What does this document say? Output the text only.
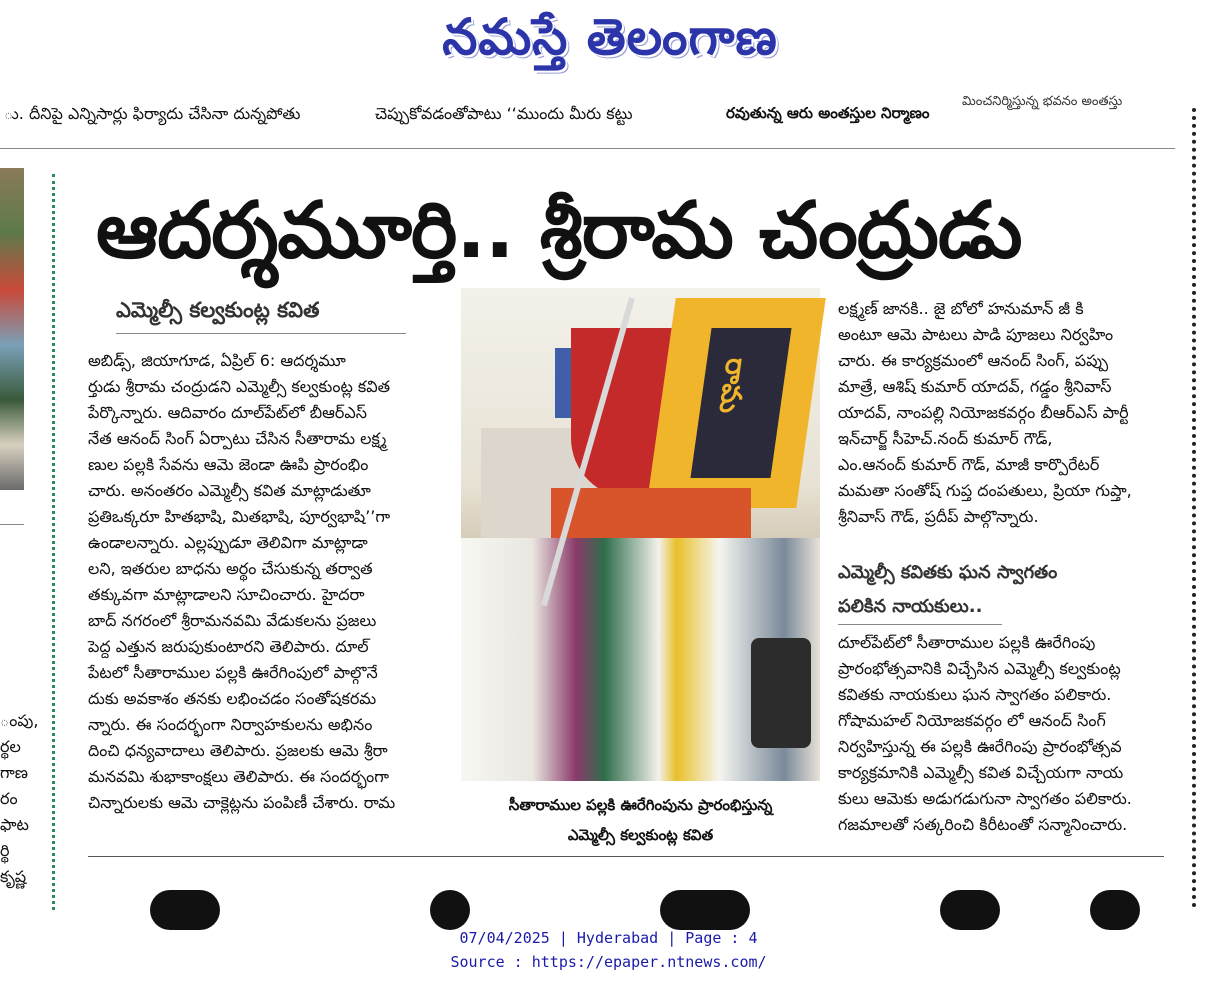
నమస్తే తెలంగాణ
ు. దీనిపై ఎన్నిసార్లు ఫిర్యాదు చేసినా దున్నపోతు	చెప్పుకోవడంతోపాటు ‘‘ముందు మీరు కట్టు	రవుతున్న ఆరు అంతస్తుల నిర్మాణం
మించనిర్మిస్తున్న భవనం అంతస్తు
ంపు,
ర్థల
గాణ
రం
ఫాట
ర్థి
కృష్ణ
ఆదర్శమూర్తి.. శ్రీరామ చంద్రుడు
ఎమ్మెల్సీ కల్వకుంట్ల కవిత
అబిడ్స్, జియాగూడ, ఏప్రిల్ 6: ఆదర్శమూ
ర్తుడు శ్రీరామ చంద్రుడని ఎమ్మెల్సీ కల్వకుంట్ల కవిత
పేర్కొన్నారు. ఆదివారం దూల్‌పేట్‌లో బీఆర్‌ఎస్
నేత ఆనంద్ సింగ్ ఏర్పాటు చేసిన సీతారామ లక్ష్మ
ణుల పల్లకి సేవను ఆమె జెండా ఊపి ప్రారంభిం
చారు. అనంతరం ఎమ్మెల్సీ కవిత మాట్లాడుతూ
ప్రతిఒక్కరూ హితభాషి, మితభాషి, పూర్వభాషి’’గా
ఉండాలన్నారు. ఎల్లప్పుడూ తెలివిగా మాట్లాడా
లని, ఇతరుల బాధను అర్థం చేసుకున్న తర్వాత
తక్కువగా మాట్లాడాలని సూచించారు. హైదరా
బాద్ నగరంలో శ్రీరామనవమి వేడుకలను ప్రజలు
పెద్ద ఎత్తున జరుపుకుంటారని తెలిపారు. దూల్
పేటలో సీతారాముల పల్లకి ఊరేగింపులో పాల్గొనే
దుకు అవకాశం తనకు లభించడం సంతోషకరమ
న్నారు. ఈ సందర్భంగా నిర్వాహకులను అభినం
దించి ధన్యవాదాలు తెలిపారు. ప్రజలకు ఆమె శ్రీరా
మనవమి శుభాకాంక్షలు తెలిపారు. ఈ సందర్భంగా
చిన్నారులకు ఆమె చాక్లెట్లను పంపిణీ చేశారు. రామ
రామ
సీతారాముల పల్లకి ఊరేగింపును ప్రారంభిస్తున్న
ఎమ్మెల్సీ కల్వకుంట్ల కవిత
లక్ష్మణ్ జానకి.. జై బోలో హనుమాన్ జీ కి
అంటూ ఆమె పాటలు పాడి పూజలు నిర్వహిం
చారు. ఈ కార్యక్రమంలో ఆనంద్ సింగ్, పప్పు
మాత్రే, ఆశిష్ కుమార్ యాదవ్, గడ్డం శ్రీనివాస్
యాదవ్, నాంపల్లి నియోజకవర్గం బీఆర్‌ఎస్ పార్టీ
ఇన్‌చార్జ్ సీహెచ్.నంద్ కుమార్ గౌడ్,
ఎం.ఆనంద్ కుమార్ గౌడ్, మాజీ కార్పొరేటర్
మమతా సంతోష్ గుప్త దంపతులు, ప్రియా గుప్తా,
శ్రీనివాస్ గౌడ్, ప్రదీప్ పాల్గొన్నారు.
ఎమ్మెల్సీ కవితకు ఘన స్వాగతం
పలికిన నాయకులు..
దూల్‌పేట్‌లో సీతారాముల పల్లకి ఊరేగింపు
ప్రారంభోత్సవానికి విచ్చేసిన ఎమ్మెల్సీ కల్వకుంట్ల
కవితకు నాయకులు ఘన స్వాగతం పలికారు.
గోషామహల్ నియోజకవర్గం లో ఆనంద్ సింగ్
నిర్వహిస్తున్న ఈ పల్లకి ఊరేగింపు ప్రారంభోత్సవ
కార్యక్రమానికి ఎమ్మెల్సీ కవిత విచ్చేయగా నాయ
కులు ఆమెకు అడుగడుగునా స్వాగతం పలికారు.
గజమాలతో సత్కరించి కిరీటంతో సన్మానించారు.
07/04/2025 | Hyderabad | Page : 4
Source : https://epaper.ntnews.com/
